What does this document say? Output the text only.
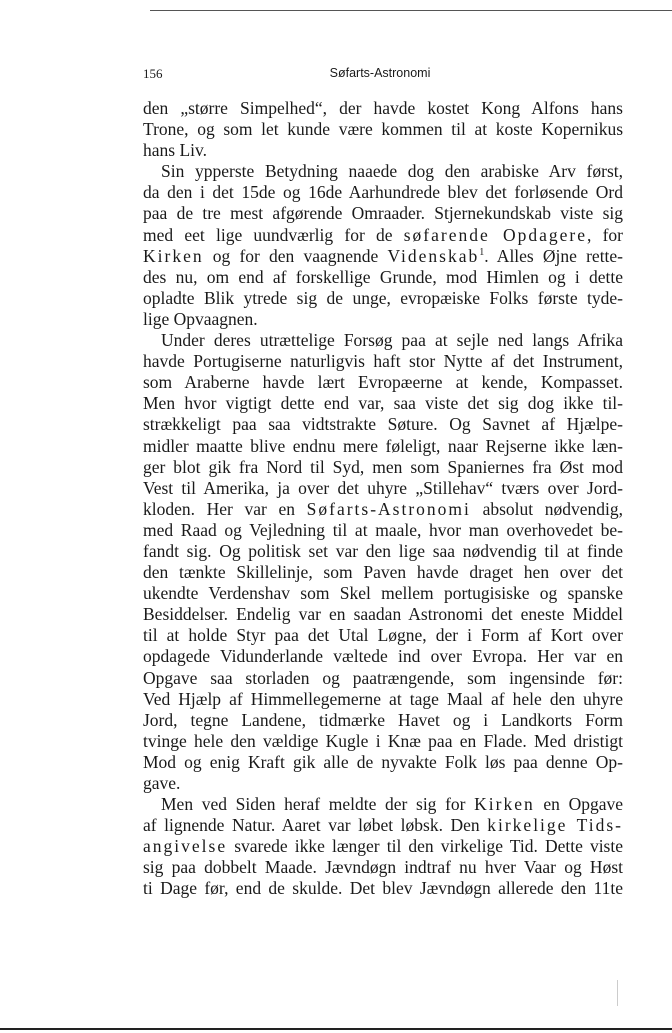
156	Søfarts-Astronomi
den „større Simpelhed“, der havde kostet Kong Alfons hans
Trone, og som let kunde være kommen til at koste Kopernikus
hans Liv.
Sin ypperste Betydning naaede dog den arabiske Arv først,
da den i det 15de og 16de Aarhundrede blev det forløsende Ord
paa de tre mest afgørende Omraader. Stjernekundskab viste sig
med eet lige uundværlig for de søfarende Opdagere, for
Kirken og for den vaagnende Videnskab$^1$. Alles Øjne rette-
des nu, om end af forskellige Grunde, mod Himlen og i dette
opladte Blik ytrede sig de unge, evropæiske Folks første tyde-
lige Opvaagnen.
Under deres utrættelige Forsøg paa at sejle ned langs Afrika
havde Portugiserne naturligvis haft stor Nytte af det Instrument,
som Araberne havde lært Evropæerne at kende, Kompasset.
Men hvor vigtigt dette end var, saa viste det sig dog ikke til-
strækkeligt paa saa vidtstrakte Søture. Og Savnet af Hjælpe-
midler maatte blive endnu mere føleligt, naar Rejserne ikke læn-
ger blot gik fra Nord til Syd, men som Spaniernes fra Øst mod
Vest til Amerika, ja over det uhyre „Stillehav“ tværs over Jord-
kloden. Her var en Søfarts-Astronomi absolut nødvendig,
med Raad og Vejledning til at maale, hvor man overhovedet be-
fandt sig. Og politisk set var den lige saa nødvendig til at finde
den tænkte Skillelinje, som Paven havde draget hen over det
ukendte Verdenshav som Skel mellem portugisiske og spanske
Besiddelser. Endelig var en saadan Astronomi det eneste Middel
til at holde Styr paa det Utal Løgne, der i Form af Kort over
opdagede Vidunderlande væltede ind over Evropa. Her var en
Opgave saa storladen og paatrængende, som ingensinde før:
Ved Hjælp af Himmellegemerne at tage Maal af hele den uhyre
Jord, tegne Landene, tidmærke Havet og i Landkorts Form
tvinge hele den vældige Kugle i Knæ paa en Flade. Med dristigt
Mod og enig Kraft gik alle de nyvakte Folk løs paa denne Op-
gave.
Men ved Siden heraf meldte der sig for Kirken en Opgave
af lignende Natur. Aaret var løbet løbsk. Den kirkelige Tids-
angivelse svarede ikke længer til den virkelige Tid. Dette viste
sig paa dobbelt Maade. Jævndøgn indtraf nu hver Vaar og Høst
ti Dage før, end de skulde. Det blev Jævndøgn allerede den 11te
